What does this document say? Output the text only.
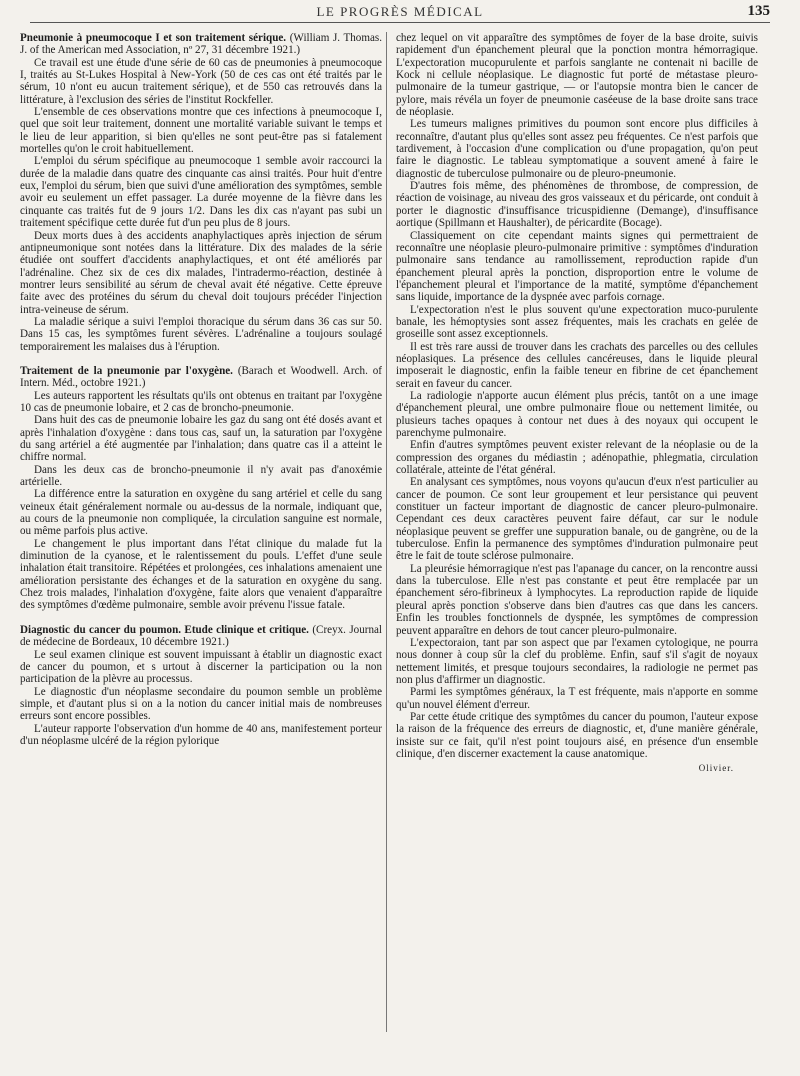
LE PROGRÈS MÉDICAL	135

Pneumonie à pneumocoque I et son traitement sérique. (William J. Thomas. J. of the American med Association, nº 27, 31 décembre 1921.)

Ce travail est une étude d'une série de 60 cas de pneumonies à pneumocoque I, traités au St-Lukes Hospital à New-York (50 de ces cas ont été traités par le sérum, 10 n'ont eu aucun traitement sérique), et de 550 cas retrouvés dans la littérature, à l'exclusion des séries de l'institut Rockfeller.

L'ensemble de ces observations montre que ces infections à pneumocoque I, quel que soit leur traitement, donnent une mortalité variable suivant le temps et le lieu de leur apparition, si bien qu'elles ne sont peut-être pas si fatalement mortelles qu'on le croit habituellement.

L'emploi du sérum spécifique au pneumocoque 1 semble avoir raccourci la durée de la maladie dans quatre des cinquante cas ainsi traités. Pour huit d'entre eux, l'emploi du sérum, bien que suivi d'une amélioration des symptômes, semble avoir eu seulement un effet passager. La durée moyenne de la fièvre dans les cinquante cas traités fut de 9 jours 1/2. Dans les dix cas n'ayant pas subi un traitement spécifique cette durée fut d'un peu plus de 8 jours.

Deux morts dues à des accidents anaphylactiques après injection de sérum antipneumonique sont notées dans la littérature. Dix des malades de la série étudiée ont souffert d'accidents anaphylactiques, et ont été améliorés par l'adrénaline. Chez six de ces dix malades, l'intradermo-réaction, destinée à montrer leurs sensibilité au sérum de cheval avait été négative. Cette épreuve faite avec des protéines du sérum du cheval doit toujours précéder l'injection intra-veineuse de sérum.

La maladie sérique a suivi l'emploi thoracique du sérum dans 36 cas sur 50. Dans 15 cas, les symptômes furent sévères. L'adrénaline a toujours soulagé temporairement les malaises dus à l'éruption.

Traitement de la pneumonie par l'oxygène. (Barach et Woodwell. Arch. of Intern. Méd., octobre 1921.)

Les auteurs rapportent les résultats qu'ils ont obtenus en traitant par l'oxygène 10 cas de pneumonie lobaire, et 2 cas de broncho-pneumonie.

Dans huit des cas de pneumonie lobaire les gaz du sang ont été dosés avant et après l'inhalation d'oxygène : dans tous cas, sauf un, la saturation par l'oxygène du sang artériel a été augmentée par l'inhalation; dans quatre cas il a atteint le chiffre normal.

Dans les deux cas de broncho-pneumonie il n'y avait pas d'anoxémie artérielle.

La différence entre la saturation en oxygène du sang artériel et celle du sang veineux était généralement normale ou au-dessus de la normale, indiquant que, au cours de la pneumonie non compliquée, la circulation sanguine est normale, ou même parfois plus active.

Le changement le plus important dans l'état clinique du malade fut la diminution de la cyanose, et le ralentissement du pouls. L'effet d'une seule inhalation était transitoire. Répétées et prolongées, ces inhalations amenaient une amélioration persistante des échanges et de la saturation en oxygène du sang. Chez trois malades, l'inhalation d'oxygène, faite alors que venaient d'apparaître des symptômes d'œdème pulmonaire, semble avoir prévenu l'issue fatale.

Diagnostic du cancer du poumon. Etude clinique et critique. (Creyx. Journal de médecine de Bordeaux, 10 décembre 1921.)

Le seul examen clinique est souvent impuissant à établir un diagnostic exact de cancer du poumon, et s urtout à discerner la participation ou la non participation de la plèvre au processus.

Le diagnostic d'un néoplasme secondaire du poumon semble un problème simple, et d'autant plus si on a la notion du cancer initial mais de nombreuses erreurs sont encore possibles.

L'auteur rapporte l'observation d'un homme de 40 ans, manifestement porteur d'un néoplasme ulcéré de la région pylorique

chez lequel on vit apparaître des symptômes de foyer de la base droite, suivis rapidement d'un épanchement pleural que la ponction montra hémorragique. L'expectoration mucopurulente et parfois sanglante ne contenait ni bacille de Kock ni cellule néoplasique. Le diagnostic fut porté de métastase pleuro-pulmonaire de la tumeur gastrique, — or l'autopsie montra bien le cancer de pylore, mais révéla un foyer de pneumonie caséeuse de la base droite sans trace de néoplasie.

Les tumeurs malignes primitives du poumon sont encore plus difficiles à reconnaître, d'autant plus qu'elles sont assez peu fréquentes. Ce n'est parfois que tardivement, à l'occasion d'une complication ou d'une propagation, qu'on peut faire le diagnostic. Le tableau symptomatique a souvent amené à faire le diagnostic de tuberculose pulmonaire ou de pleuro-pneumonie.

D'autres fois même, des phénomènes de thrombose, de compression, de réaction de voisinage, au niveau des gros vaisseaux et du péricarde, ont conduit à porter le diagnostic d'insuffisance tricuspidienne (Demange), d'insuffisance aortique (Spillmann et Haushalter), de péricardite (Bocage).

Classiquement on cite cependant maints signes qui permettraient de reconnaître une néoplasie pleuro-pulmonaire primitive : symptômes d'induration pulmonaire sans tendance au ramollissement, reproduction rapide d'un épanchement pleural après la ponction, disproportion entre le volume de l'épanchement pleural et l'importance de la matité, symptôme d'épanchement sans liquide, importance de la dyspnée avec parfois cornage.

L'expectoration n'est le plus souvent qu'une expectoration muco-purulente banale, les hémoptysies sont assez fréquentes, mais les crachats en gelée de groseille sont assez exceptionnels.

Il est très rare aussi de trouver dans les crachats des parcelles ou des cellules néoplasiques. La présence des cellules cancéreuses, dans le liquide pleural imposerait le diagnostic, enfin la faible teneur en fibrine de cet épanchement serait en faveur du cancer.

La radiologie n'apporte aucun élément plus précis, tantôt on a une image d'épanchement pleural, une ombre pulmonaire floue ou nettement limitée, ou plusieurs taches opaques à contour net dues à des noyaux qui occupent le parenchyme pulmonaire.

Enfin d'autres symptômes peuvent exister relevant de la néoplasie ou de la compression des organes du médiastin ; adénopathie, phlegmatia, circulation collatérale, atteinte de l'état général.

En analysant ces symptômes, nous voyons qu'aucun d'eux n'est particulier au cancer de poumon. Ce sont leur groupement et leur persistance qui peuvent constituer un facteur important de diagnostic de cancer pleuro-pulmonaire. Cependant ces deux caractères peuvent faire défaut, car sur le nodule néoplasique peuvent se greffer une suppuration banale, ou de gangrène, ou de la tuberculose. Enfin la permanence des symptômes d'induration pulmonaire peut être le fait de toute sclérose pulmonaire.

La pleurésie hémorragique n'est pas l'apanage du cancer, on la rencontre aussi dans la tuberculose. Elle n'est pas constante et peut être remplacée par un épanchement séro-fibrineux à lymphocytes. La reproduction rapide de liquide pleural après ponction s'observe dans bien d'autres cas que dans les cancers. Enfin les troubles fonctionnels de dyspnée, les symptômes de compression peuvent apparaître en dehors de tout cancer pleuro-pulmonaire.

L'expectoraion, tant par son aspect que par l'examen cytologique, ne pourra nous donner à coup sûr la clef du problème. Enfin, sauf s'il s'agit de noyaux nettement limités, et presque toujours secondaires, la radiologie ne permet pas non plus d'affirmer un diagnostic.

Parmi les symptômes généraux, la T est fréquente, mais n'apporte en somme qu'un nouvel élément d'erreur.

Par cette étude critique des symptômes du cancer du poumon, l'auteur expose la raison de la fréquence des erreurs de diagnostic, et, d'une manière générale, insiste sur ce fait, qu'il n'est point toujours aisé, en présence d'un ensemble clinique, d'en discerner exactement la cause anatomique.

Olivier.
